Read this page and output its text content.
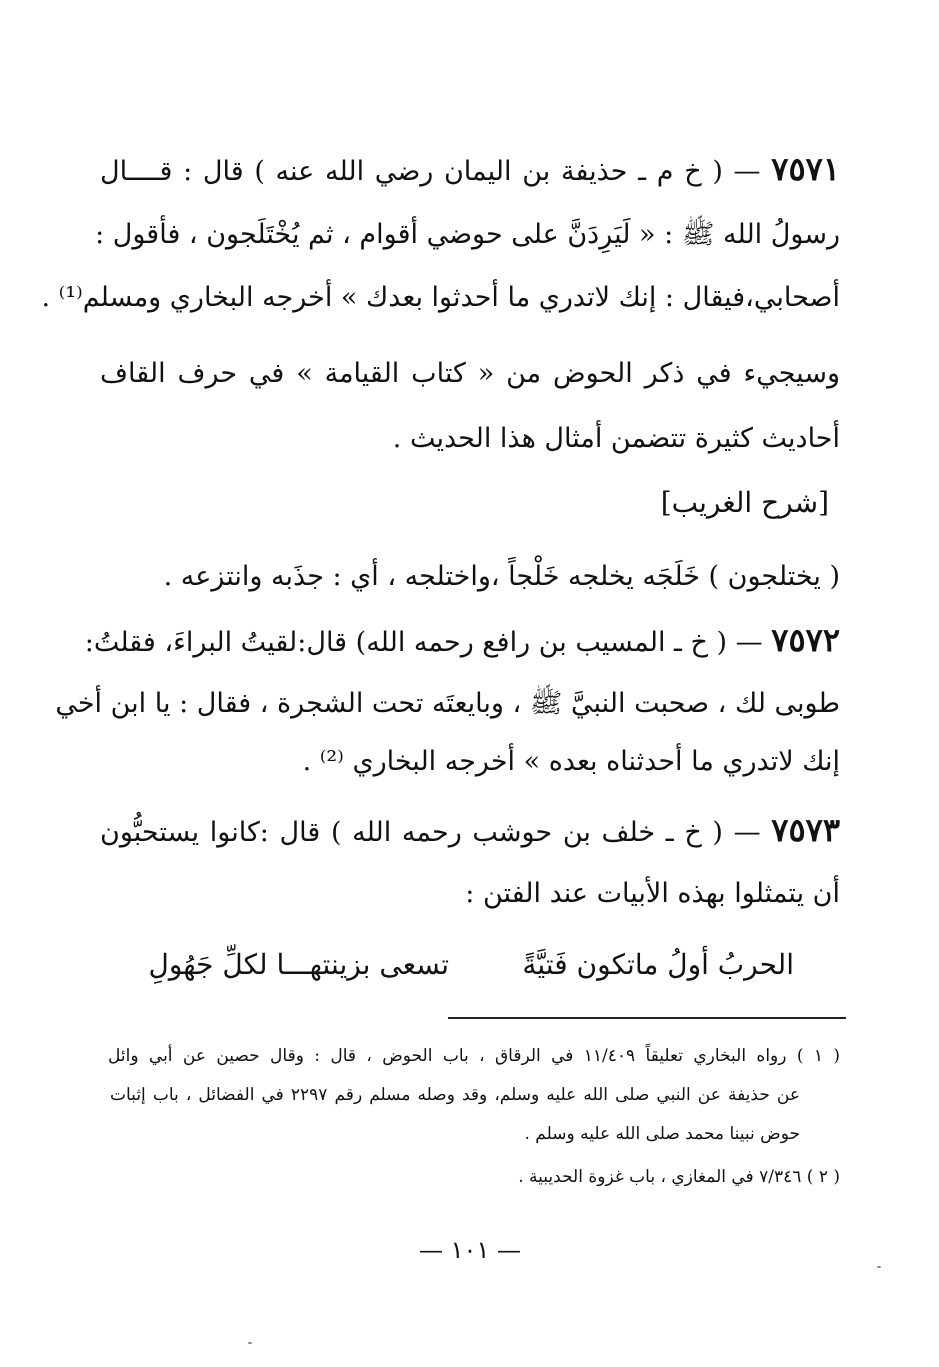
٧٥٧١ — ( خ م ـ حذيفة بن اليمان رضي الله عنه ) قال : قــــال
رسولُ الله ﷺ : « لَيَرِدَنَّ على حوضي أقوام ، ثم يُخْتَلَجون ، فأقول :
أصحابي،فيقال : إنك لاتدري ما أحدثوا بعدك » أخرجه البخاري ومسلم⁽¹⁾ .
وسيجيء في ذكر الحوض من « كتاب القيامة » في حرف القاف
أحاديث كثيرة تتضمن أمثال هذا الحديث .
[شرح الغريب]
( يختلجون ) خَلَجَه يخلجه خَلْجاً ،واختلجه ، أي : جذَبه وانتزعه .
٧٥٧٢ — ( خ ـ المسيب بن رافع رحمه الله) قال:لقيتُ البراءَ، فقلتُ:
طوبى لك ، صحبت النبيَّ ﷺ ، وبايعتَه تحت الشجرة ، فقال : يا ابن أخي
إنك لاتدري ما أحدثناه بعده » أخرجه البخاري ⁽²⁾ .
٧٥٧٣ — ( خ ـ خلف بن حوشب رحمه الله ) قال :كانوا يستحبُّون
أن يتمثلوا بهذه الأبيات عند الفتن :
الحربُ أولُ ماتكون فَتيَّةً
تسعى بزينتهـــا لكلِّ جَهُولِ
( ١ ) رواه البخاري تعليقاً ١١/٤٠٩ في الرقاق ، باب الحوض ، قال : وقال حصين عن أبي وائل
عن حذيفة عن النبي صلى الله عليه وسلم، وقد وصله مسلم رقم ٢٢٩٧ في الفضائل ، باب إثبات
حوض نبينا محمد صلى الله عليه وسلم .
( ٢ ) ٧/٣٤٦ في المغازي ، باب غزوة الحديبية .
— ١٠١ —
